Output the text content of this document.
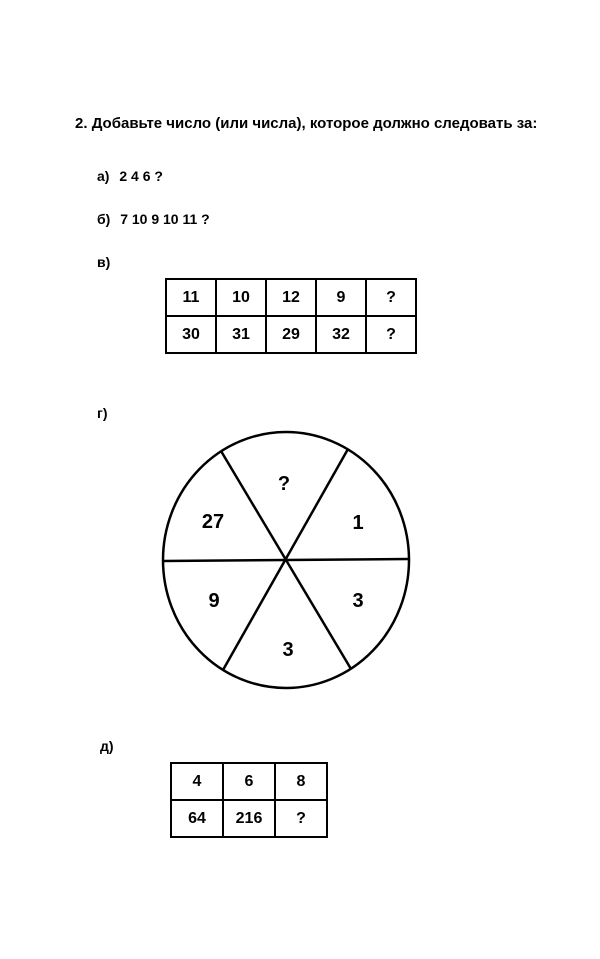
2. Добавьте число (или числа), которое должно следовать за:
а) 2 4 6 ?
б) 7 10 9 10 11 ?
в)
11	10	12	9	?
30	31	29	32	?
г)
?
1
3
3
9
27
д)
4	6	8
64	216	?
